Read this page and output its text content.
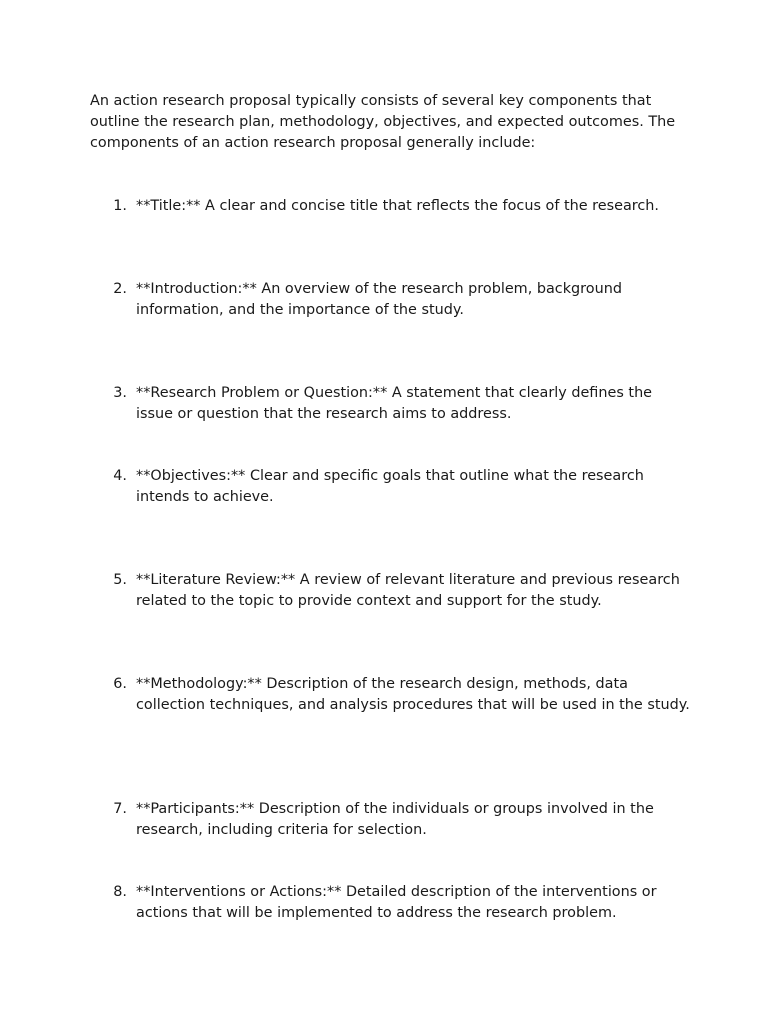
An action research proposal typically consists of several key components that outline the research plan, methodology, objectives, and expected outcomes. The components of an action research proposal generally include:

1. **Title:** A clear and concise title that reflects the focus of the research.
2. **Introduction:** An overview of the research problem, background information, and the importance of the study.
3. **Research Problem or Question:** A statement that clearly defines the issue or question that the research aims to address.
4. **Objectives:** Clear and specific goals that outline what the research intends to achieve.
5. **Literature Review:** A review of relevant literature and previous research related to the topic to provide context and support for the study.
6. **Methodology:** Description of the research design, methods, data collection techniques, and analysis procedures that will be used in the study.
7. **Participants:** Description of the individuals or groups involved in the research, including criteria for selection.
8. **Interventions or Actions:** Detailed description of the interventions or actions that will be implemented to address the research problem.
